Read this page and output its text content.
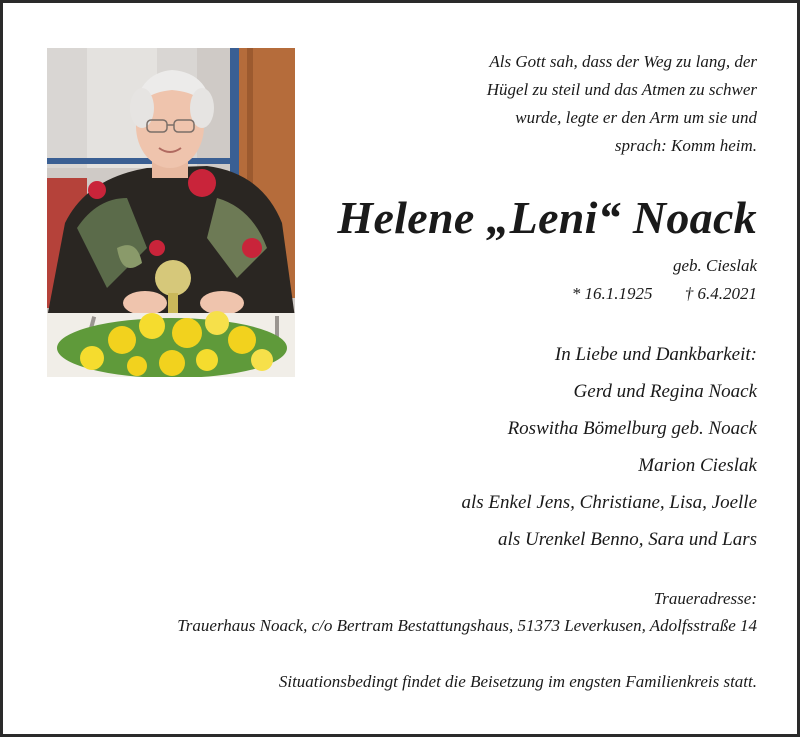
Als Gott sah, dass der Weg zu lang, der
Hügel zu steil und das Atmen zu schwer
wurde, legte er den Arm um sie und
sprach: Komm heim.
Helene „Leni“ Noack
geb. Cieslak
* 16.1.1925 † 6.4.2021
In Liebe und Dankbarkeit:
Gerd und Regina Noack
Roswitha Bömelburg geb. Noack
Marion Cieslak
als Enkel Jens, Christiane, Lisa, Joelle
als Urenkel Benno, Sara und Lars
Traueradresse:
Trauerhaus Noack, c/o Bertram Bestattungshaus, 51373 Leverkusen, Adolfsstraße 14
Situationsbedingt findet die Beisetzung im engsten Familienkreis statt.
